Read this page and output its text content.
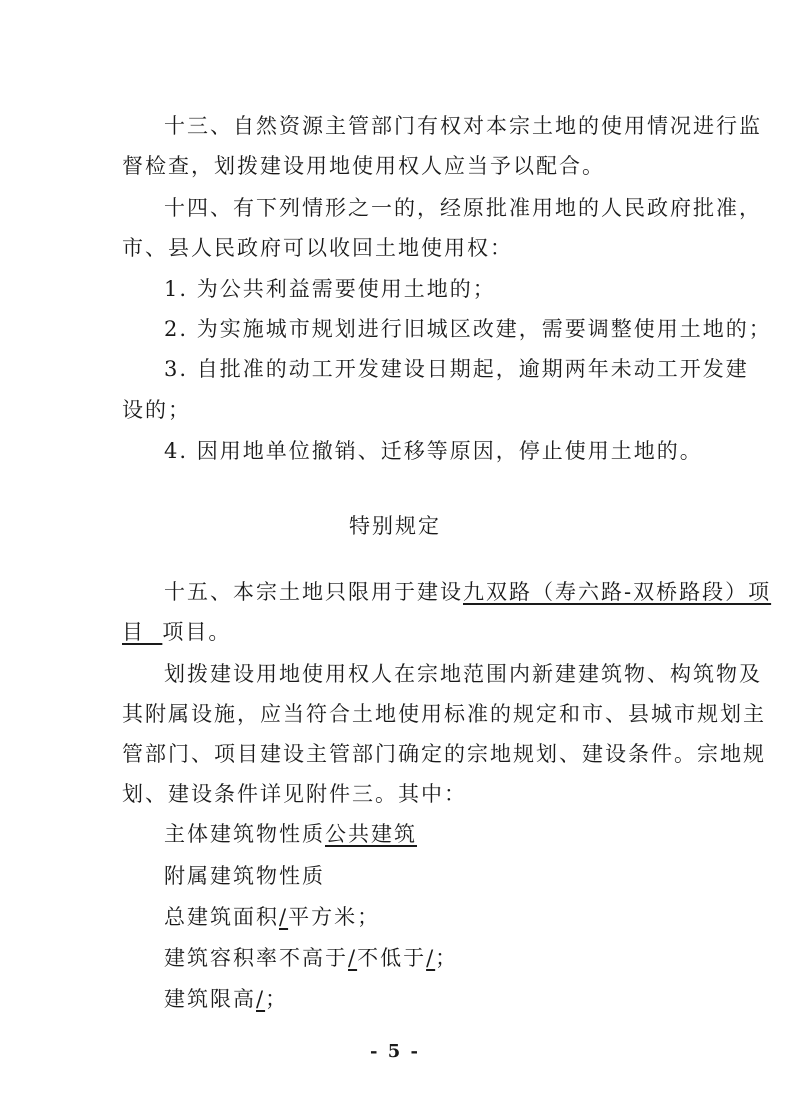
十三、自然资源主管部门有权对本宗土地的使用情况进行监
督检查，划拨建设用地使用权人应当予以配合。
十四、有下列情形之一的，经原批准用地的人民政府批准，
市、县人民政府可以收回土地使用权：
1. 为公共利益需要使用土地的；
2. 为实施城市规划进行旧城区改建，需要调整使用土地的；
3. 自批准的动工开发建设日期起，逾期两年未动工开发建
设的；
4. 因用地单位撤销、迁移等原因，停止使用土地的。
特别规定
十五、本宗土地只限用于建设九双路（寿六路-双桥路段）项
目 项目。
划拨建设用地使用权人在宗地范围内新建建筑物、构筑物及
其附属设施，应当符合土地使用标准的规定和市、县城市规划主
管部门、项目建设主管部门确定的宗地规划、建设条件。宗地规
划、建设条件详见附件三。其中：
主体建筑物性质公共建筑
附属建筑物性质
总建筑面积/平方米；
建筑容积率不高于/不低于/；
建筑限高/；
- 5 -
